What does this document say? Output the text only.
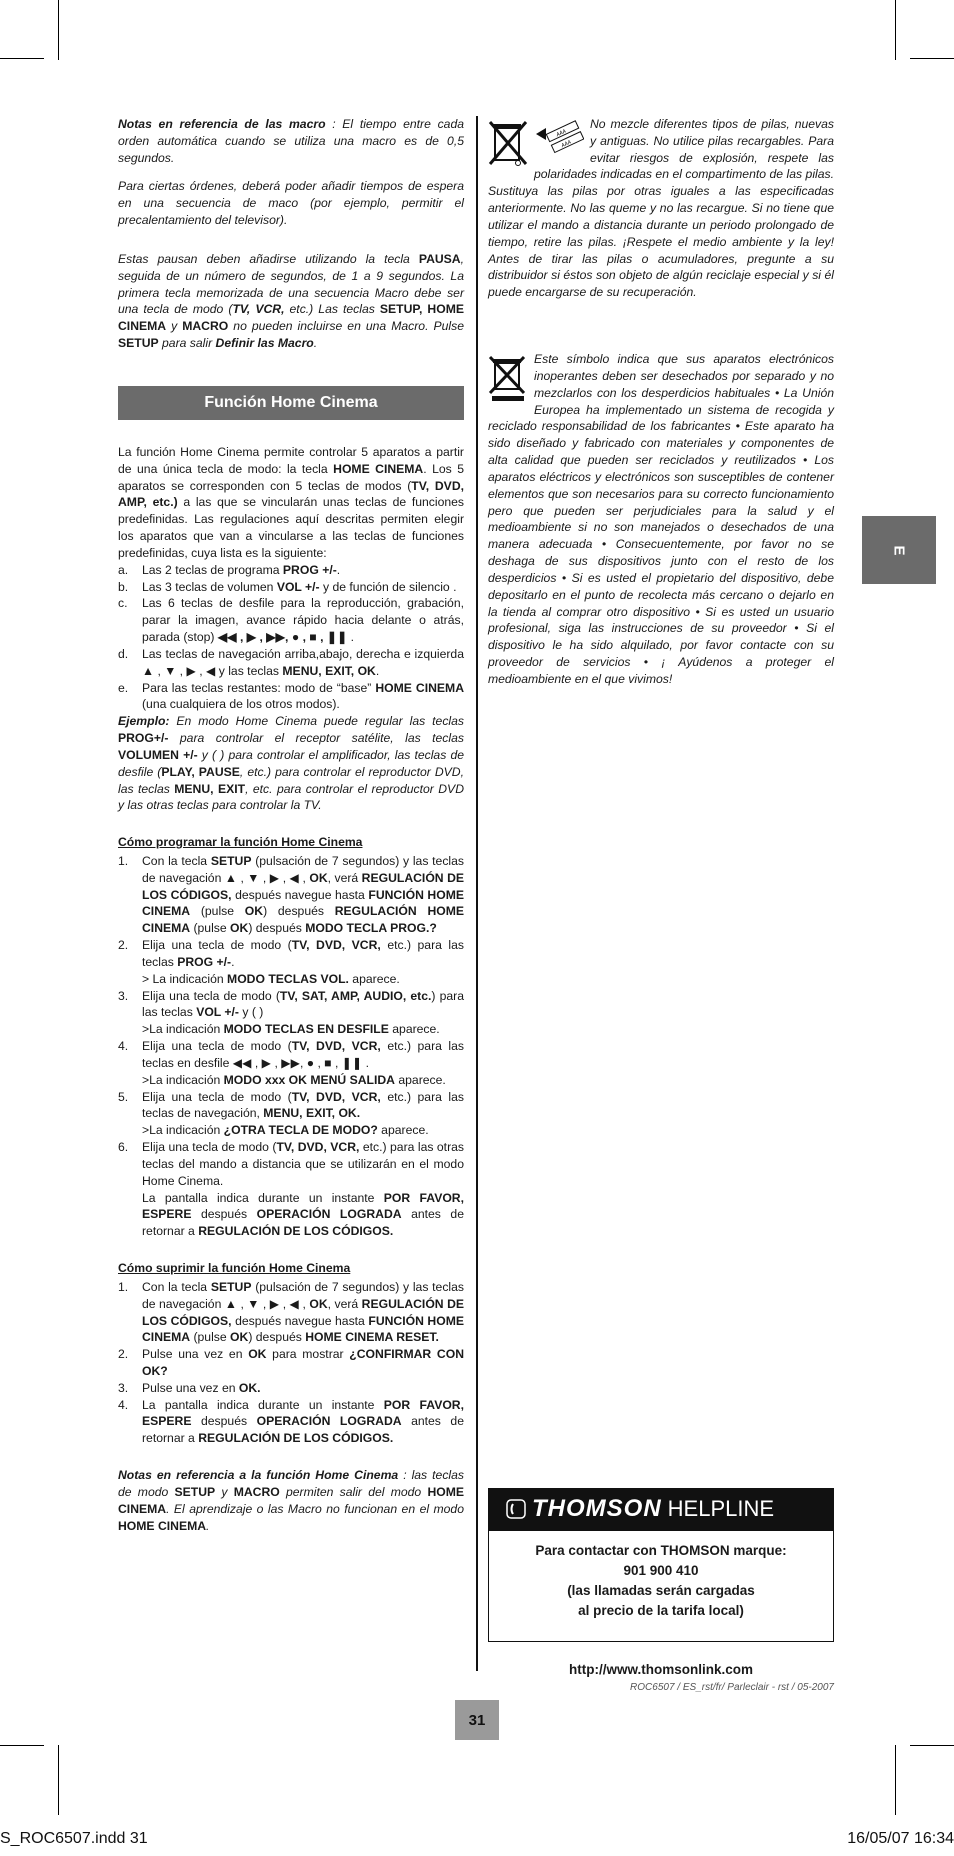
Notas en referencia de las macro : El tiempo entre cada orden automática cuando se utiliza una macro es de 0,5 segundos.

Para ciertas órdenes, deberá poder añadir tiempos de espera en una secuencia de maco (por ejemplo, permitir el precalentamiento del televisor).

Estas pausan deben añadirse utilizando la tecla PAUSA, seguida de un número de segundos, de 1 a 9 segundos. La primera tecla memorizada de una secuencia Macro debe ser una tecla de modo (TV, VCR, etc.) Las teclas SETUP, HOME CINEMA y MACRO no pueden incluirse en una Macro. Pulse SETUP para salir Definir las Macro.

Función Home Cinema

La función Home Cinema permite controlar 5 aparatos a partir de una única tecla de modo: la tecla HOME CINEMA. Los 5 aparatos se corresponden con 5 teclas de modos (TV, DVD, AMP, etc.) a las que se vincularán unas teclas de funciones predefinidas. Las regulaciones aquí descritas permiten elegir los aparatos que van a vincularse a las teclas de funciones predefinidas, cuya lista es la siguiente:

a. Las 2 teclas de programa PROG +/-.
b. Las 3 teclas de volumen VOL +/- y de función de silencio .
c. Las 6 teclas de desfile para la reproducción, grabación, parar la imagen, avance rápido hacia delante o atrás, parada (stop) ◀◀ , ▶ , ▶▶, ● , ■ , ❚❚ .
d. Las teclas de navegación arriba,abajo, derecha e izquierda ▲ , ▼ , ▶ , ◀ y las teclas MENU, EXIT, OK.
e. Para las teclas restantes: modo de “base” HOME CINEMA (una cualquiera de los otros modos).

Ejemplo: En modo Home Cinema puede regular las teclas PROG+/- para controlar el receptor satélite, las teclas VOLUMEN +/- y ( ) para controlar el amplificador, las teclas de desfile (PLAY, PAUSE, etc.) para controlar el reproductor DVD, las teclas MENU, EXIT, etc. para controlar el reproductor DVD y las otras teclas para controlar la TV.

Cómo programar la función Home Cinema
1. Con la tecla SETUP (pulsación de 7 segundos) y las teclas de navegación ▲ , ▼ , ▶ , ◀ , OK, verá REGULACIÓN DE LOS CÓDIGOS, después navegue hasta FUNCIÓN HOME CINEMA (pulse OK) después REGULACIÓN HOME CINEMA (pulse OK) después MODO TECLA PROG.?
2. Elija una tecla de modo (TV, DVD, VCR, etc.) para las teclas PROG +/-.
> La indicación MODO TECLAS VOL. aparece.
3. Elija una tecla de modo (TV, SAT, AMP, AUDIO, etc.) para las teclas VOL +/- y ( )
>La indicación MODO TECLAS EN DESFILE aparece.
4. Elija una tecla de modo (TV, DVD, VCR, etc.) para las teclas en desfile ◀◀ , ▶ , ▶▶, ● , ■ , ❚❚ .
>La indicación MODO xxx OK MENÚ SALIDA aparece.
5. Elija una tecla de modo (TV, DVD, VCR, etc.) para las teclas de navegación, MENU, EXIT, OK.
>La indicación ¿OTRA TECLA DE MODO? aparece.
6. Elija una tecla de modo (TV, DVD, VCR, etc.) para las otras teclas del mando a distancia que se utilizarán en el modo Home Cinema.
La pantalla indica durante un instante POR FAVOR, ESPERE después OPERACIÓN LOGRADA antes de retornar a REGULACIÓN DE LOS CÓDIGOS.
Cómo suprimir la función Home Cinema
1. Con la tecla SETUP (pulsación de 7 segundos) y las teclas de navegación ▲ , ▼ , ▶ , ◀ , OK, verá REGULACIÓN DE LOS CÓDIGOS, después navegue hasta FUNCIÓN HOME CINEMA (pulse OK) después HOME CINEMA RESET.
2. Pulse una vez en OK para mostrar ¿CONFIRMAR CON OK?
3. Pulse una vez en OK.
4. La pantalla indica durante un instante POR FAVOR, ESPERE después OPERACIÓN LOGRADA antes de retornar a REGULACIÓN DE LOS CÓDIGOS.

Notas en referencia a la función Home Cinema : las teclas de modo SETUP y MACRO permiten salir del modo HOME CINEMA. El aprendizaje o las Macro no funcionan en el modo HOME CINEMA.

AAA
AAA
No mezcle diferentes tipos de pilas, nuevas y antiguas. No utilice pilas recargables. Para evitar riesgos de explosión, respete las polaridades indicadas en el compartimento de las pilas. Sustituya las pilas por otras iguales a las especificadas anteriormente. No las queme y no las recargue. Si no tiene que utilizar el mando a distancia durante un periodo prolongado de tiempo, retire las pilas. ¡Respete el medio ambiente y la ley! Antes de tirar las pilas o acumuladores, pregunte a su distribuidor si éstos son objeto de algún reciclaje especial y si él puede encargarse de su recuperación.

Este símbolo indica que sus aparatos electrónicos inoperantes deben ser desechados por separado y no mezclarlos con los desperdicios habituales • La Unión Europea ha implementado un sistema de recogida y reciclado responsabilidad de los fabricantes • Este aparato ha sido diseñado y fabricado con materiales y componentes de alta calidad que pueden ser reciclados y reutilizados • Los aparatos eléctricos y electrónicos son susceptibles de contener elementos que son necesarios para su correcto funcionamiento pero que pueden ser perjudiciales para la salud y el medioambiente si no son manejados o desechados de una manera adecuada • Consecuentemente, por favor no se deshaga de sus dispositivos junto con el resto de los desperdicios • Si es usted el propietario del dispositivo, debe depositarlo en el punto de recolecta más cercano o dejarlo en la tienda al comprar otro dispositivo • Si es usted un usuario profesional, siga las instrucciones de su proveedor • Si el dispositivo le ha sido alquilado, por favor contacte con su proveedor de servicios • ¡ Ayúdenos a proteger el medioambiente en el que vivimos!

E
THOMSON HELPLINE
Para contactar con THOMSON marque:
901 900 410
(las llamadas serán cargadas
al precio de la tarifa local)
http://www.thomsonlink.com
ROC6507 / ES_rst/fr/ Parleclair - rst / 05-2007
31
S_ROC6507.indd 31	16/05/07 16:34
